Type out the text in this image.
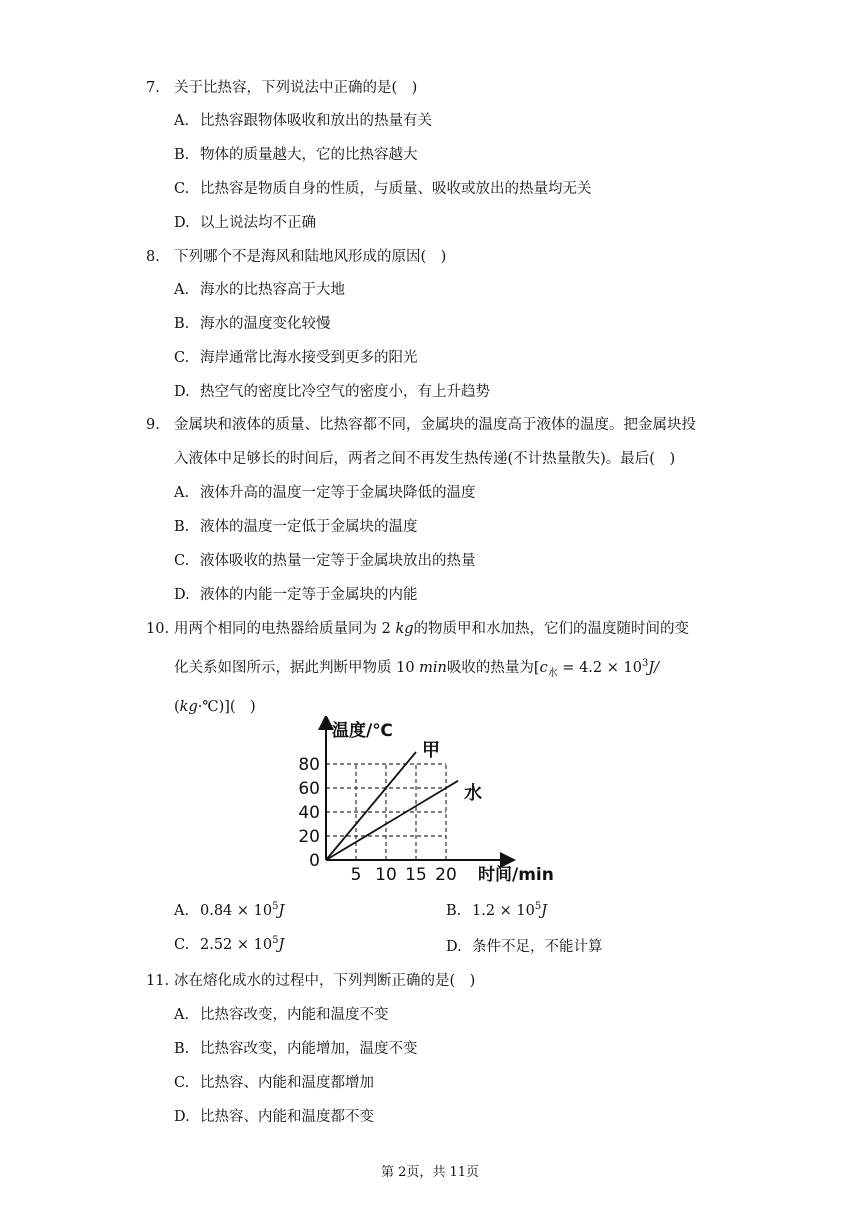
7. 关于比热容，下列说法中正确的是(　)
A. 比热容跟物体吸收和放出的热量有关
B. 物体的质量越大，它的比热容越大
C. 比热容是物质自身的性质，与质量、吸收或放出的热量均无关
D. 以上说法均不正确
8. 下列哪个不是海风和陆地风形成的原因(　)
A. 海水的比热容高于大地
B. 海水的温度变化较慢
C. 海岸通常比海水接受到更多的阳光
D. 热空气的密度比冷空气的密度小，有上升趋势
9. 金属块和液体的质量、比热容都不同，金属块的温度高于液体的温度。把金属块投
入液体中足够长的时间后，两者之间不再发生热传递(不计热量散失)。最后(　)
A. 液体升高的温度一定等于金属块降低的温度
B. 液体的温度一定低于金属块的温度
C. 液体吸收的热量一定等于金属块放出的热量
D. 液体的内能一定等于金属块的内能
10. 用两个相同的电热器给质量同为 2 kg的物质甲和水加热，它们的温度随时间的变
化关系如图所示，据此判断甲物质 10 min吸收的热量为[$c_水 = 4.2 \times 10^3J/$
(kg·℃)](　)
甲
水
0
20
40
60
80
5 10 15 20
温度/℃
时间/min
A. $0.84 \times 10^5J$	B. $1.2 \times 10^5J$
C. $2.52 \times 10^5J$	D. 条件不足，不能计算
11. 冰在熔化成水的过程中，下列判断正确的是(　)
A. 比热容改变，内能和温度不变
B. 比热容改变，内能增加，温度不变
C. 比热容、内能和温度都增加
D. 比热容、内能和温度都不变
第 2页，共 11页
